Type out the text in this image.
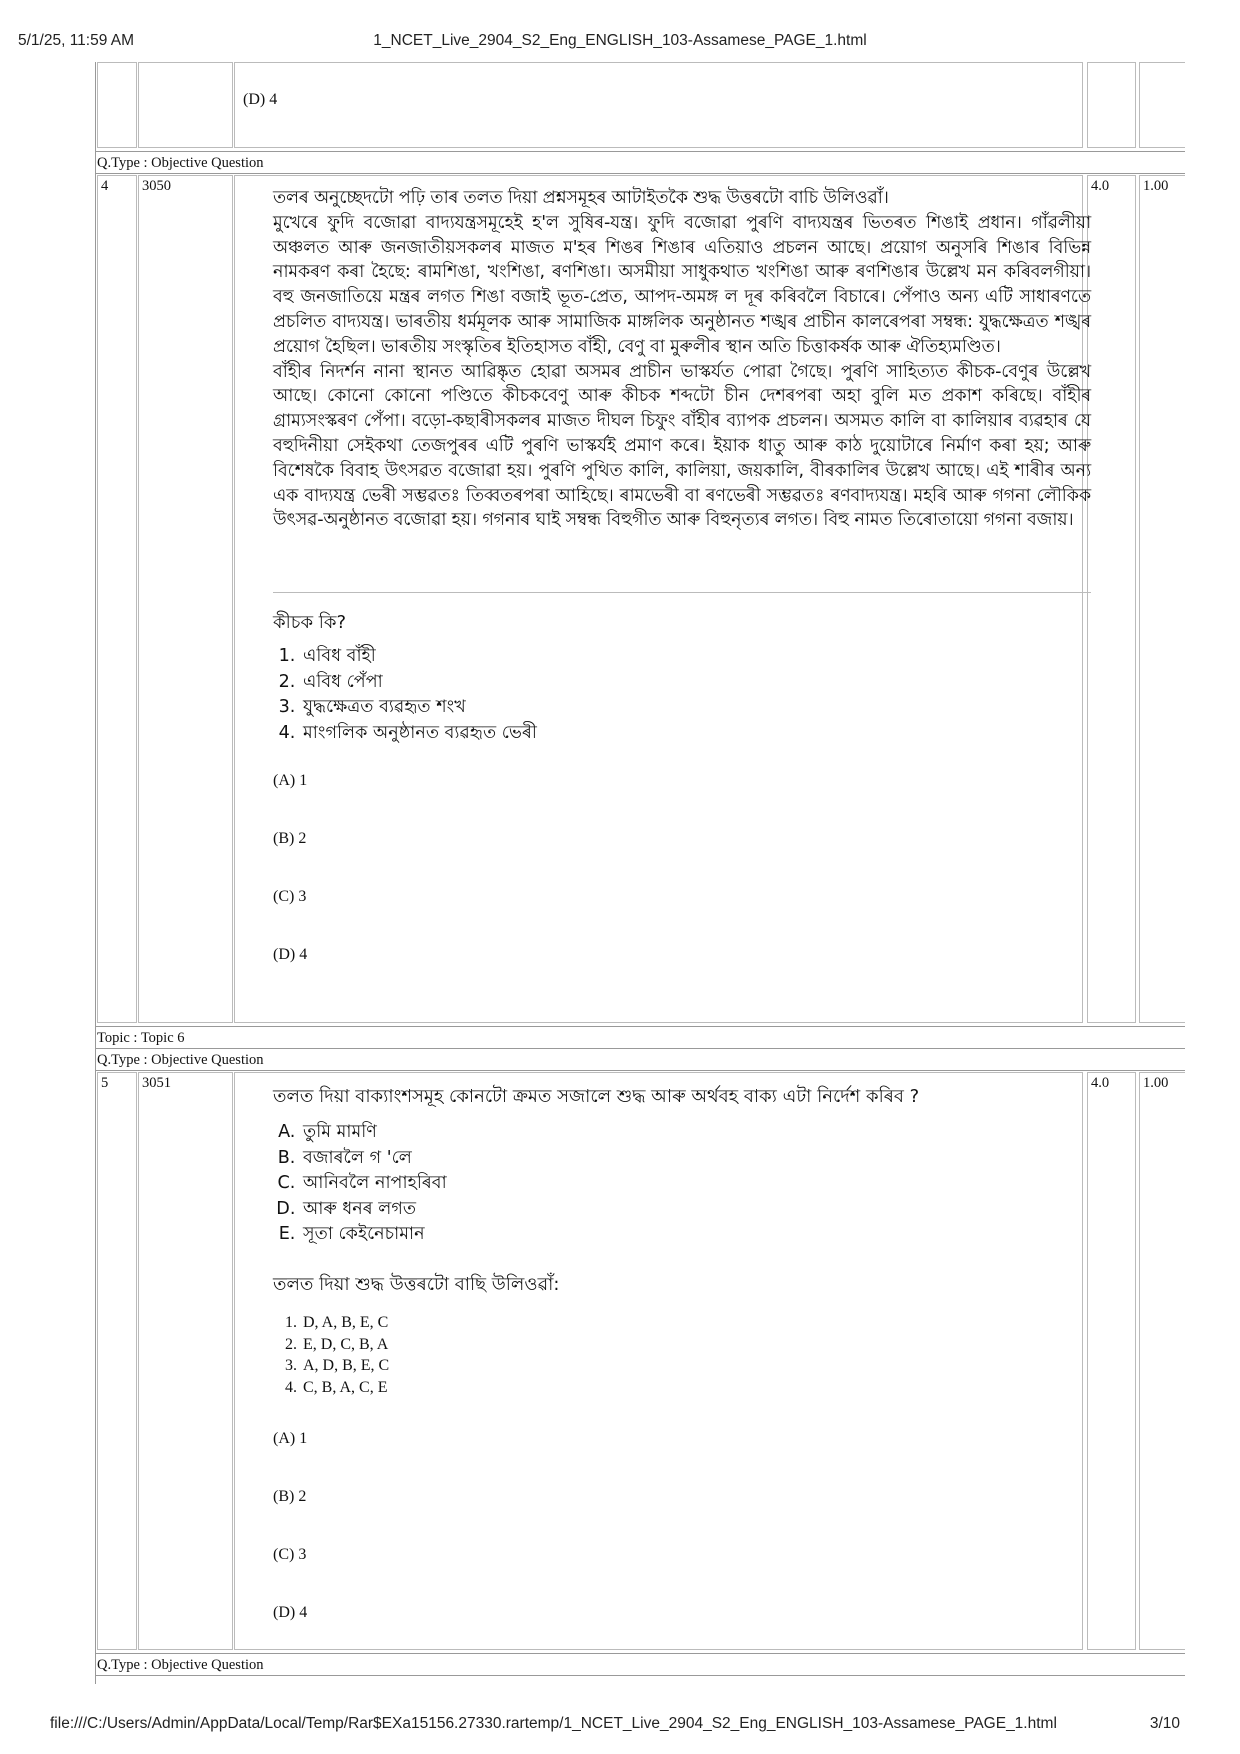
5/1/25, 11:59 AM	1_NCET_Live_2904_S2_Eng_ENGLISH_103-Assamese_PAGE_1.html
(D) 4
Q.Type : Objective Question
4 3050	4.0 1.00

তলৰ অনুচ্ছেদটো পঢ়ি তাৰ তলত দিয়া প্ৰশ্নসমূহৰ আটাইতকৈ শুদ্ধ উত্তৰটো বাচি উলিওৱাঁ।

মুখেৰে ফুদি বজোৱা বাদ্যযন্ত্ৰসমূহেই হ'ল সুষিৰ-যন্ত্ৰ। ফুদি বজোৱা পুৰণি বাদ্যযন্ত্ৰৰ ভিতৰত শিঙাই প্ৰধান। গাঁৱলীয়া অঞ্চলত আৰু জনজাতীয়সকলৰ মাজত ম'হৰ শিঙৰ শিঙাৰ এতিয়াও প্ৰচলন আছে। প্ৰয়োগ অনুসৰি শিঙাৰ বিভিন্ন নামকৰণ কৰা হৈছে: ৰামশিঙা, খংশিঙা, ৰণশিঙা। অসমীয়া সাধুকথাত খংশিঙা আৰু ৰণশিঙাৰ উল্লেখ মন কৰিবলগীয়া। বহু জনজাতিয়ে মন্ত্ৰৰ লগত শিঙা বজাই ভূত-প্ৰেত, আপদ-অমঙ্গ ল দূৰ কৰিবলৈ বিচাৰে। পেঁপাও অন্য এটি সাধাৰণতে প্ৰচলিত বাদ্যযন্ত্ৰ। ভাৰতীয় ধৰ্মমূলক আৰু সামাজিক মাঙ্গলিক অনুষ্ঠানত শঙ্খৰ প্ৰাচীন কালৰেপৰা সম্বন্ধ: যুদ্ধক্ষেত্ৰত শঙ্খৰ প্ৰয়োগ হৈছিল। ভাৰতীয় সংস্কৃতিৰ ইতিহাসত বাঁহী, বেণু বা মুৰুলীৰ স্থান অতি চিত্তাকৰ্ষক আৰু ঐতিহ্যমণ্ডিত।

বাঁহীৰ নিদৰ্শন নানা স্থানত আৱিষ্কৃত হোৱা অসমৰ প্ৰাচীন ভাস্কৰ্যত পোৱা গৈছে। পুৰণি সাহিত্যত কীচক-বেণুৰ উল্লেখ আছে। কোনো কোনো পণ্ডিতে কীচকবেণু আৰু কীচক শব্দটো চীন দেশৰপৰা অহা বুলি মত প্ৰকাশ কৰিছে। বাঁহীৰ গ্ৰাম্যসংস্কৰণ পেঁপা। বড়ো-কছাৰীসকলৰ মাজত দীঘল চিফুং বাঁহীৰ ব্যাপক প্ৰচলন। অসমত কালি বা কালিয়াৰ ব্যৱহাৰ যে বহুদিনীয়া সেইকথা তেজপুৰৰ এটি পুৰণি ভাস্কৰ্যই প্ৰমাণ কৰে। ইয়াক ধাতু আৰু কাঠ দুয়োটাৰে নিৰ্মাণ কৰা হয়; আৰু বিশেষকৈ বিবাহ উৎসৱত বজোৱা হয়। পুৰণি পুথিত কালি, কালিয়া, জয়কালি, বীৰকালিৰ উল্লেখ আছে। এই শাৰীৰ অন্য এক বাদ্যযন্ত্ৰ ভেৰী সম্ভৱতঃ তিব্বতৰপৰা আহিছে। ৰামভেৰী বা ৰণভেৰী সম্ভৱতঃ ৰণবাদ্যযন্ত্ৰ। মহৰি আৰু গগনা লৌকিক উৎসৱ-অনুষ্ঠানত বজোৱা হয়। গগনাৰ ঘাই সম্বন্ধ বিহুগীত আৰু বিহুনৃত্যৰ লগত। বিহু নামত তিৰোতায়ো গগনা বজায়।

কীচক কি?
1. এবিধ বাঁহী
2. এবিধ পেঁপা
3. যুদ্ধক্ষেত্ৰত ব্যৱহৃত শংখ
4. মাংগলিক অনুষ্ঠানত ব্যৱহৃত ভেৰী
(A) 1
(B) 2
(C) 3
(D) 4
Topic : Topic 6
Q.Type : Objective Question
5 3051	4.0 1.00
তলত দিয়া বাক্যাংশসমূহ কোনটো ক্ৰমত সজালে শুদ্ধ আৰু অৰ্থবহ বাক্য এটা নিৰ্দেশ কৰিব ?
A. তুমি মামণি
B. বজাৰলৈ গ 'লে
C. আনিবলৈ নাপাহৰিবা
D. আৰু ধনৰ লগত
E. সূতা কেইনেচামান
তলত দিয়া শুদ্ধ উত্তৰটো বাছি উলিওৱাঁ:
1. D, A, B, E, C
2. E, D, C, B, A
3. A, D, B, E, C
4. C, B, A, C, E
(A) 1
(B) 2
(C) 3
(D) 4
Q.Type : Objective Question
file:///C:/Users/Admin/AppData/Local/Temp/Rar$EXa15156.27330.rartemp/1_NCET_Live_2904_S2_Eng_ENGLISH_103-Assamese_PAGE_1.html	3/10
